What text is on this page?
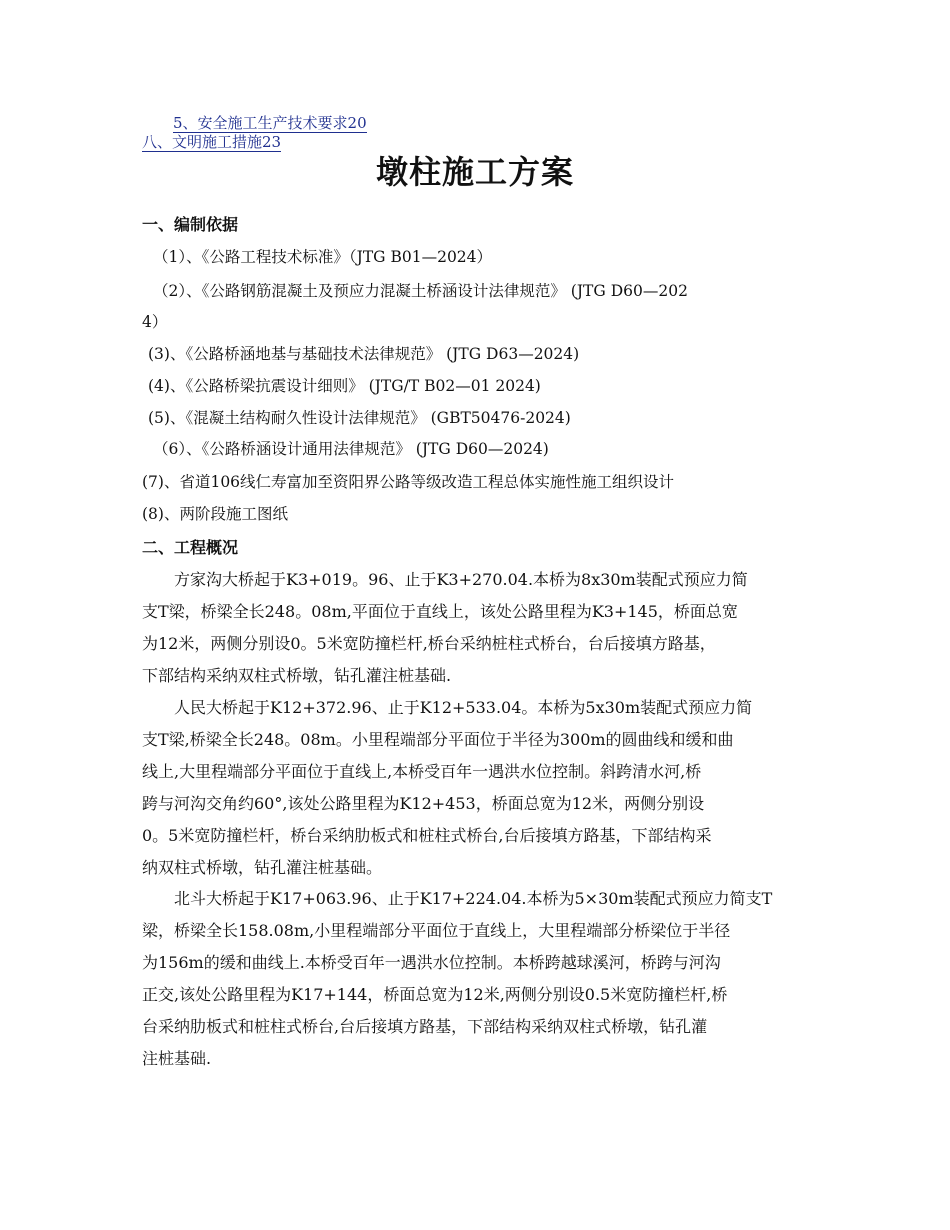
5、安全施工生产技术要求20
八、文明施工措施23
墩柱施工方案
一、编制依据
（1）、《公路工程技术标准》（JTG B01—2024）
（2）、《公路钢筋混凝土及预应力混凝土桥涵设计法律规范》 (JTG D60—202
4）
(3)、《公路桥涵地基与基础技术法律规范》 (JTG D63—2024)
(4)、《公路桥梁抗震设计细则》 (JTG/T B02—01 2024)
(5)、《混凝土结构耐久性设计法律规范》 (GBT50476-2024)
（6）、《公路桥涵设计通用法律规范》 (JTG D60—2024)
(7)、省道106线仁寿富加至资阳界公路等级改造工程总体实施性施工组织设计
(8)、两阶段施工图纸
二、工程概况
　　方家沟大桥起于K3+019。96、止于K3+270.04.本桥为8x30m装配式预应力简
支T梁，桥梁全长248。08m,平面位于直线上，该处公路里程为K3+145，桥面总宽
为12米，两侧分别设0。5米宽防撞栏杆,桥台采纳桩柱式桥台，台后接填方路基，
下部结构采纳双柱式桥墩，钻孔灌注桩基础.
　　人民大桥起于K12+372.96、止于K12+533.04。本桥为5x30m装配式预应力简
支T梁,桥梁全长248。08m。小里程端部分平面位于半径为300m的圆曲线和缓和曲
线上,大里程端部分平面位于直线上,本桥受百年一遇洪水位控制。斜跨清水河,桥
跨与河沟交角约60°,该处公路里程为K12+453，桥面总宽为12米，两侧分别设
0。5米宽防撞栏杆，桥台采纳肋板式和桩柱式桥台,台后接填方路基，下部结构采
纳双柱式桥墩，钻孔灌注桩基础。
　　北斗大桥起于K17+063.96、止于K17+224.04.本桥为5×30m装配式预应力简支T
梁，桥梁全长158.08m,小里程端部分平面位于直线上，大里程端部分桥梁位于半径
为156m的缓和曲线上.本桥受百年一遇洪水位控制。本桥跨越球溪河，桥跨与河沟
正交,该处公路里程为K17+144，桥面总宽为12米,两侧分别设0.5米宽防撞栏杆,桥
台采纳肋板式和桩柱式桥台,台后接填方路基，下部结构采纳双柱式桥墩，钻孔灌
注桩基础.
